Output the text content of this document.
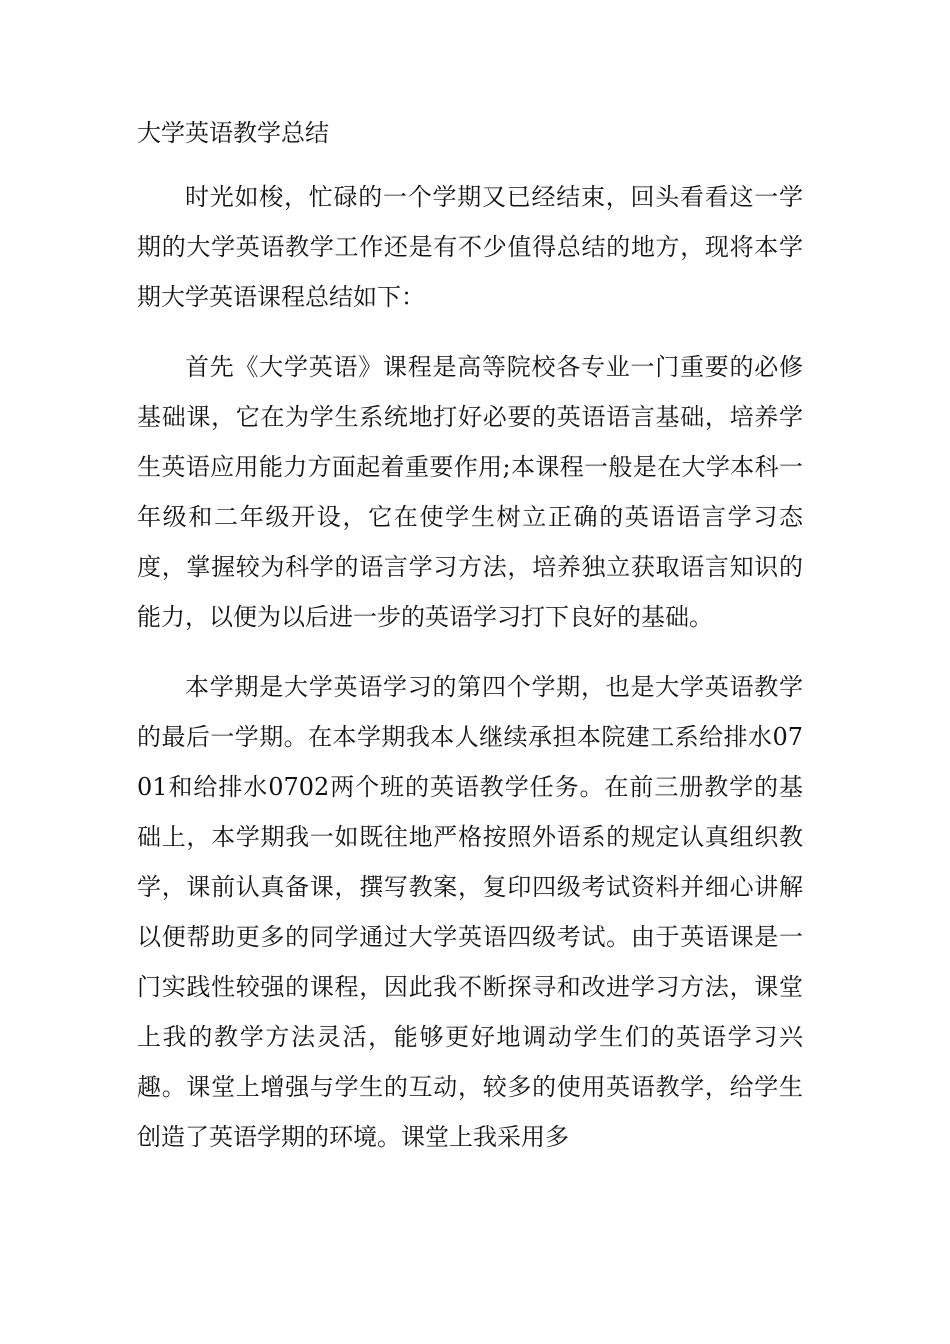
大学英语教学总结

时光如梭，忙碌的一个学期又已经结束，回头看看这一学期的大学英语教学工作还是有不少值得总结的地方，现将本学期大学英语课程总结如下：

首先《大学英语》课程是高等院校各专业一门重要的必修基础课，它在为学生系统地打好必要的英语语言基础，培养学生英语应用能力方面起着重要作用;本课程一般是在大学本科一年级和二年级开设，它在使学生树立正确的英语语言学习态度，掌握较为科学的语言学习方法，培养独立获取语言知识的能力，以便为以后进一步的英语学习打下良好的基础。

本学期是大学英语学习的第四个学期，也是大学英语教学的最后一学期。在本学期我本人继续承担本院建工系给排水0701和给排水0702两个班的英语教学任务。在前三册教学的基础上，本学期我一如既往地严格按照外语系的规定认真组织教学，课前认真备课，撰写教案，复印四级考试资料并细心讲解以便帮助更多的同学通过大学英语四级考试。由于英语课是一门实践性较强的课程，因此我不断探寻和改进学习方法，课堂上我的教学方法灵活，能够更好地调动学生们的英语学习兴趣。课堂上增强与学生的互动，较多的使用英语教学，给学生创造了英语学期的环境。课堂上我采用多
